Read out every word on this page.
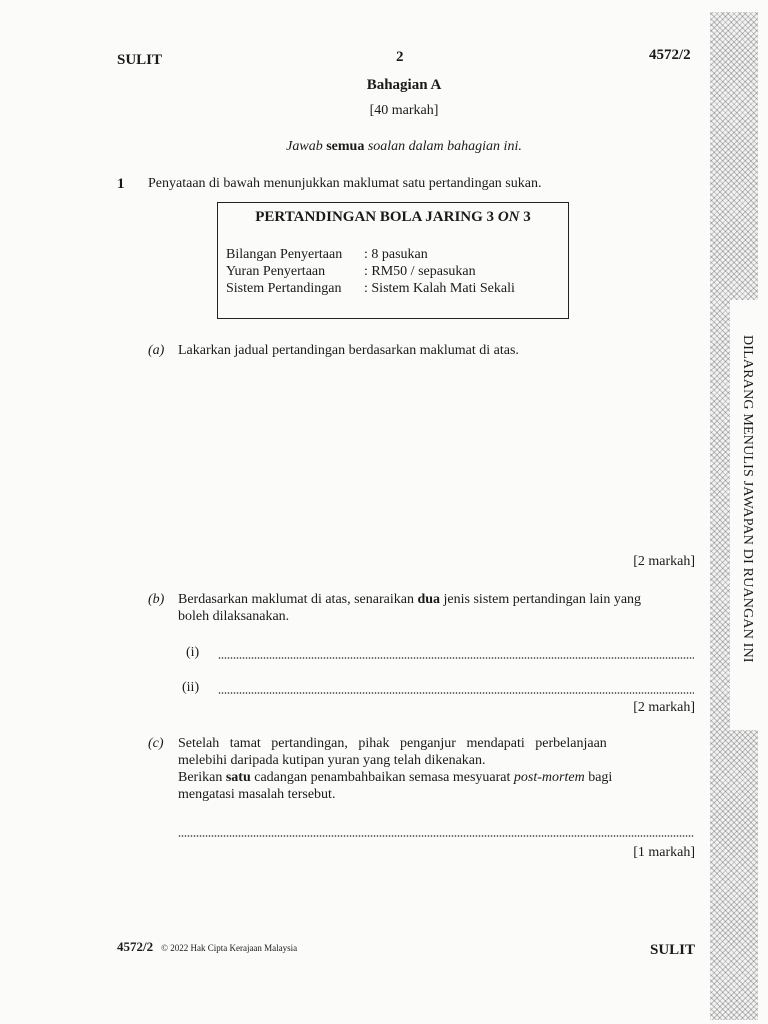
DILARANG MENULIS JAWAPAN DI RUANGAN INI
SULIT	2	4572/2
Bahagian A
[40 markah]
Jawab semua soalan dalam bahagian ini.
1 Penyataan di bawah menunjukkan maklumat satu pertandingan sukan.
PERTANDINGAN BOLA JARING 3 ON 3
Bilangan Penyertaan : 8 pasukan
Yuran Penyertaan	: RM50 / sepasukan
Sistem Pertandingan : Sistem Kalah Mati Sekali
(a) Lakarkan jadual pertandingan berdasarkan maklumat di atas.
[2 markah]
(b) Berdasarkan maklumat di atas, senaraikan dua jenis sistem pertandingan lain yang
boleh dilaksanakan.
(i)
(ii)
[2 markah]
(c) Setelah   tamat   pertandingan,   pihak   penganjur   mendapati   perbelanjaan
melebihi daripada kutipan yuran yang telah dikenakan.
Berikan satu cadangan penambahbaikan semasa mesyuarat post-mortem bagi
mengatasi masalah tersebut.
[1 markah]
4572/2 © 2022 Hak Cipta Kerajaan Malaysia	SULIT
